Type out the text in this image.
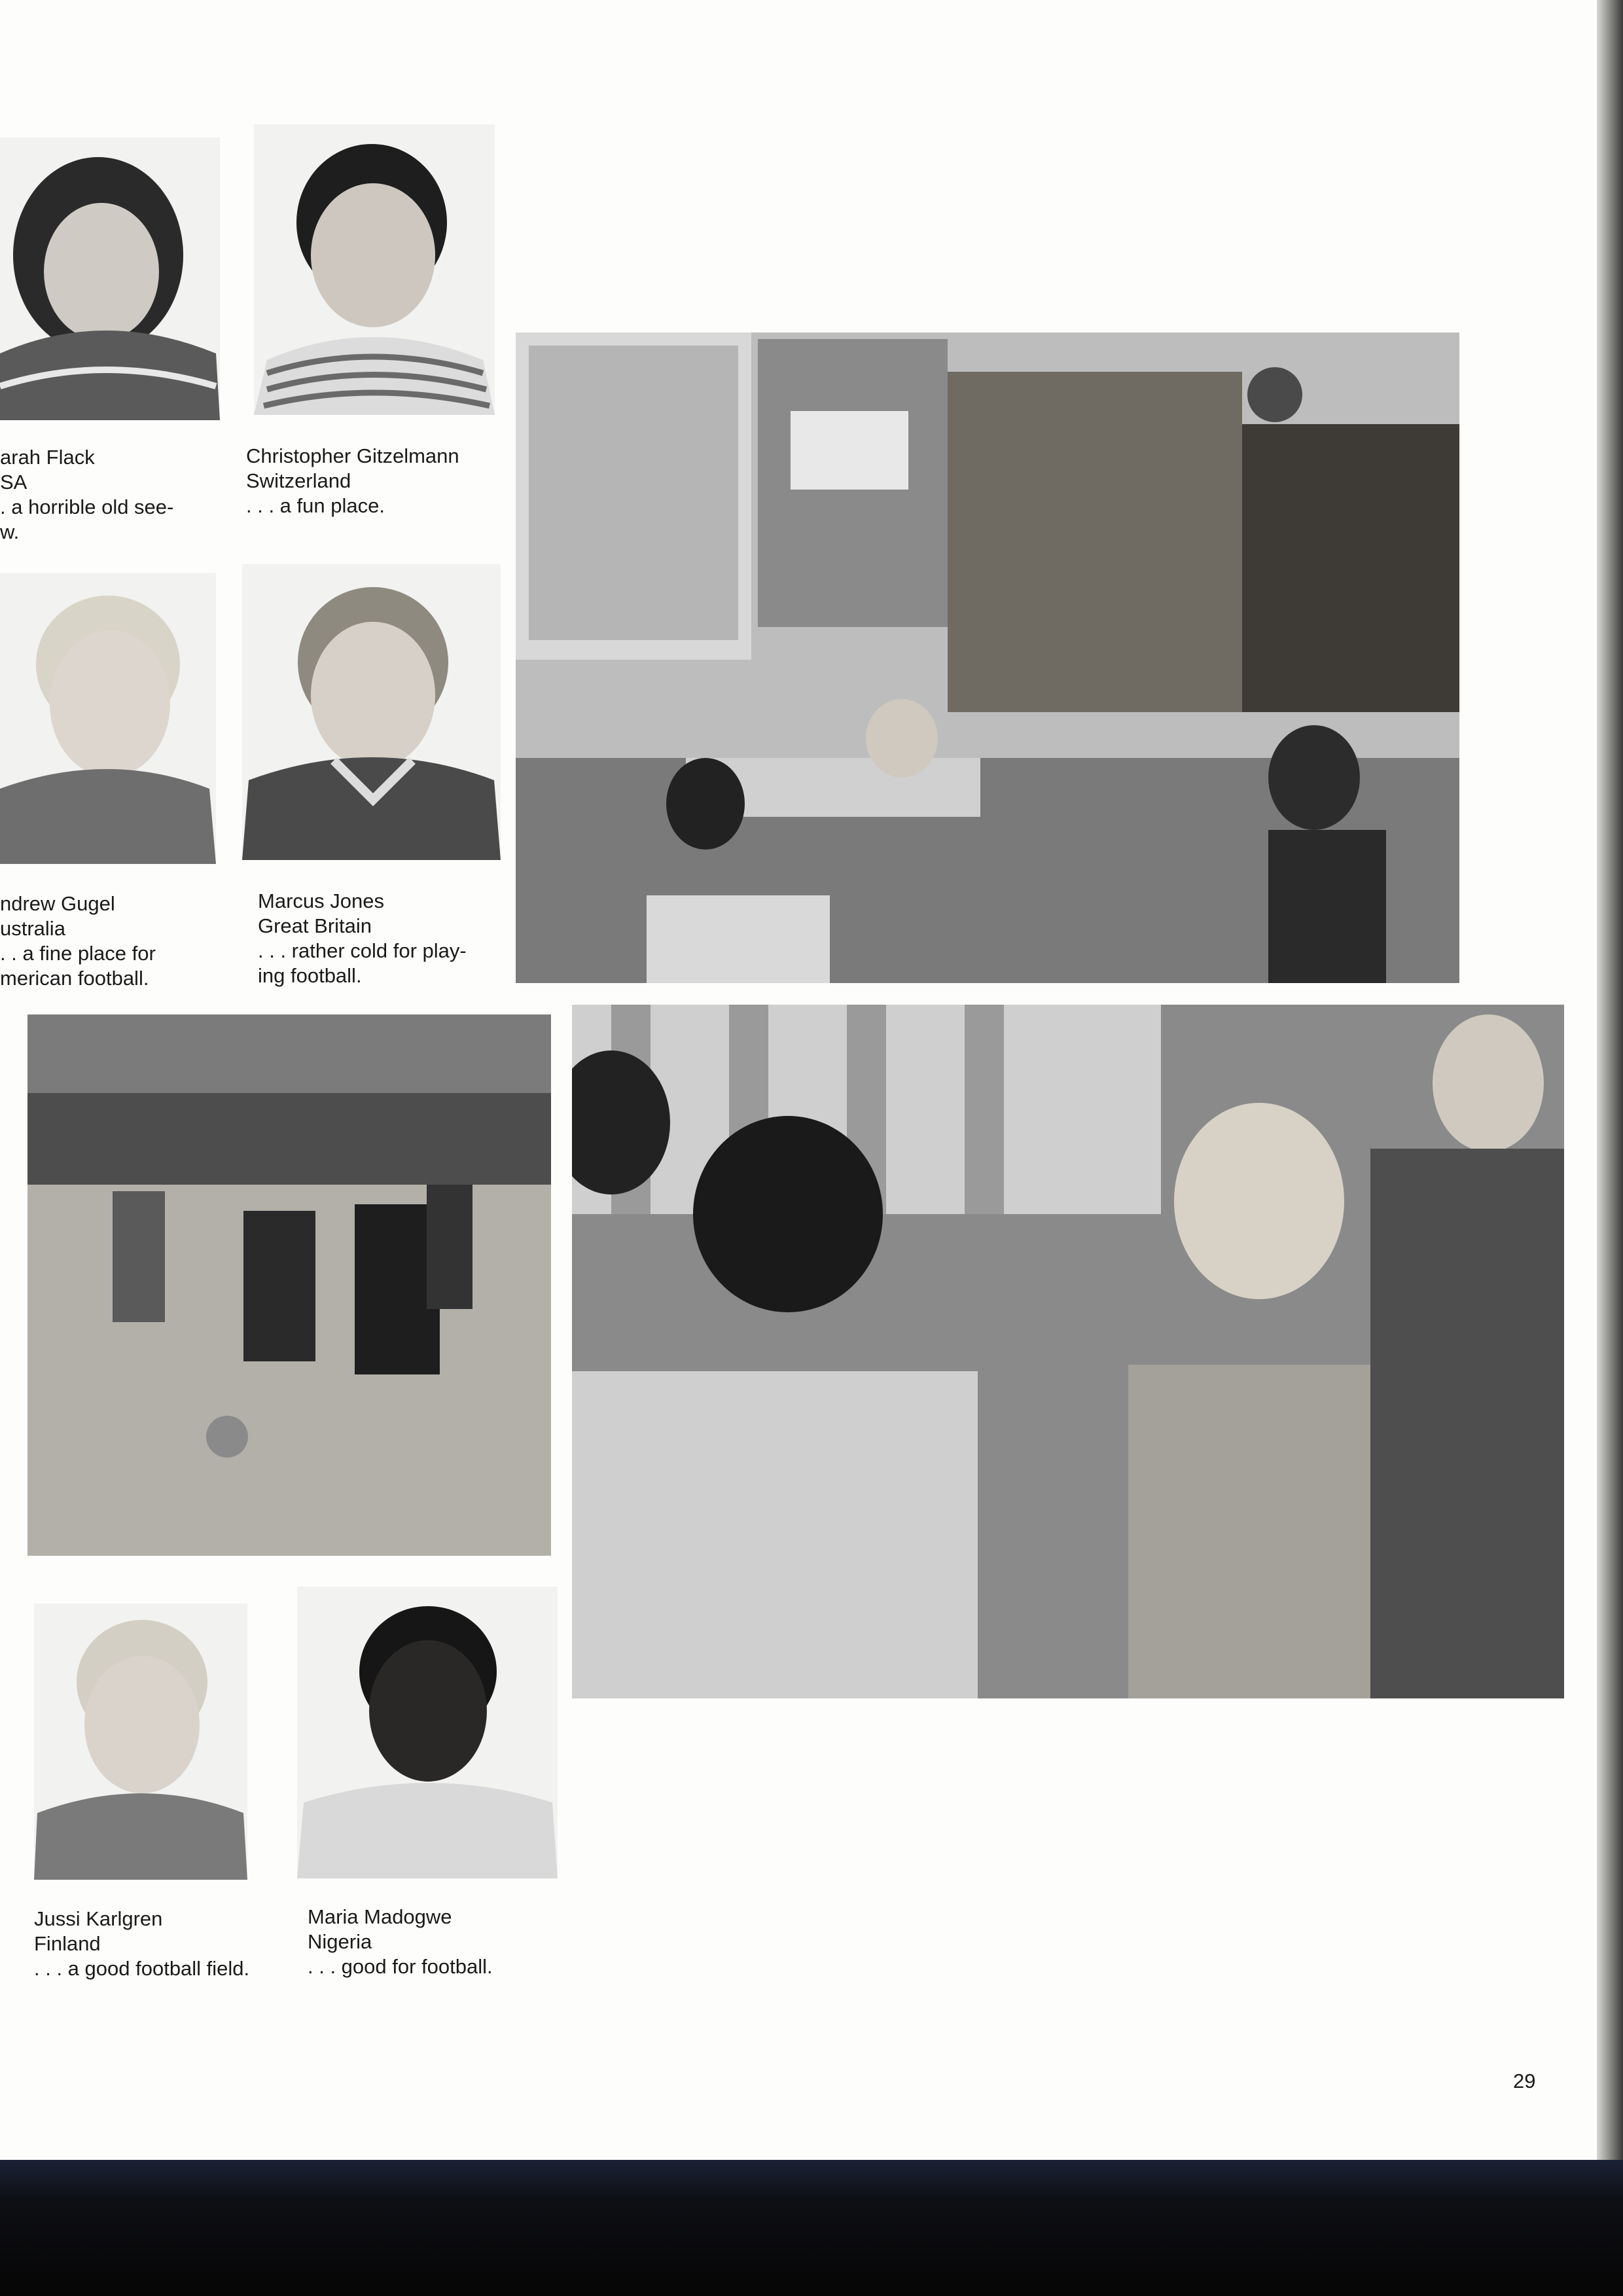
arah Flack
SA
. a horrible old see-
w.
Christopher Gitzelmann
Switzerland
. . . a fun place.
ndrew Gugel
ustralia
. . a fine place for
merican football.
Marcus Jones
Great Britain
. . . rather cold for play-
ing football.
Jussi Karlgren
Finland
. . . a good football field.
Maria Madogwe
Nigeria
. . . good for football.
29
